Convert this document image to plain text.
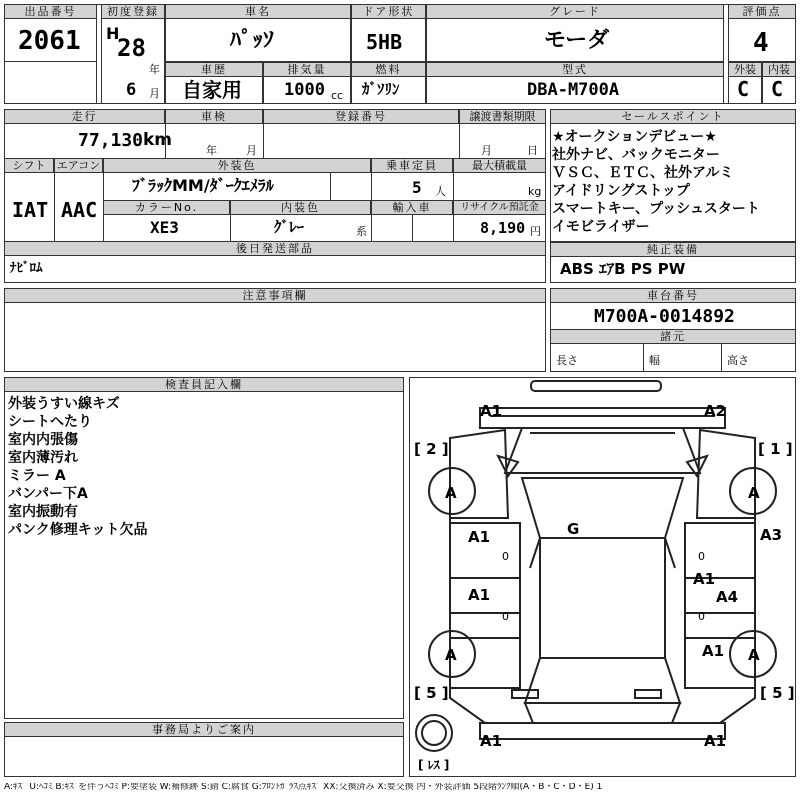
出品番号
2061
初度登録
H
28
年
6 月
車名
ﾊﾟｯｿ
車歴
自家用
排気量
1000 cc
ドア形状
5HB
燃料
ｶﾞｿﾘﾝ
グレード
モーダ
型式
DBA-M700A
評価点
4
外装	内装
C C
走行
77,130 km
車検
年	月
登録番号	譲渡書類期限
月	日
シフト	エアコン
IAT AAC
外装色
ﾌﾞﾗｯｸMM/ﾀﾞｰｸｴﾒﾗﾙ
乗車定員
5 人
最大積載量
kg
カラーNo.
XE3
内装色
ｸﾞﾚｰ	系
輸入車	リサイクル預託金
8,190 円
後日発送部品
ﾅﾋﾞﾛﾑ
セールスポイント
★オークションデビュー★
社外ナビ、バックモニター
ＶＳＣ、ＥＴＣ、社外アルミ
アイドリングストップ
スマートキー、プッシュスタート
イモビライザー
純正装備
ABS ｴｱB PS PW
注意事項欄	車台番号
M700A-0014892
諸元
長さ	幅	高さ
検査員記入欄
外装うすい線キズ
シートへたり
室内内張傷
室内薄汚れ
ミラー A
バンパー下A
室内振動有
パンク修理キット欠品
事務局よりご案内
[ 2 ]	[ 1 ]
[ 5 ]	[ 5 ]
[ ﾚｽ ]
A1	A2
A	A
A	A
G
A1
A1
A3
A1
A4
A1
A1	A1
0
0
0
0
A:ｷｽﾞ U:ﾍｺﾐ B:ｷｽﾞを伴うﾍｺﾐ P:要塗装 W:補修跡 S:錆 C:腐食 G:ﾌﾛﾝﾄｶﾞﾗｽ点ｷｽﾞ XX:交換済み X:要交換 内・外装評価 5段階ﾗﾝｸ順(A・B・C・D・E) 1
